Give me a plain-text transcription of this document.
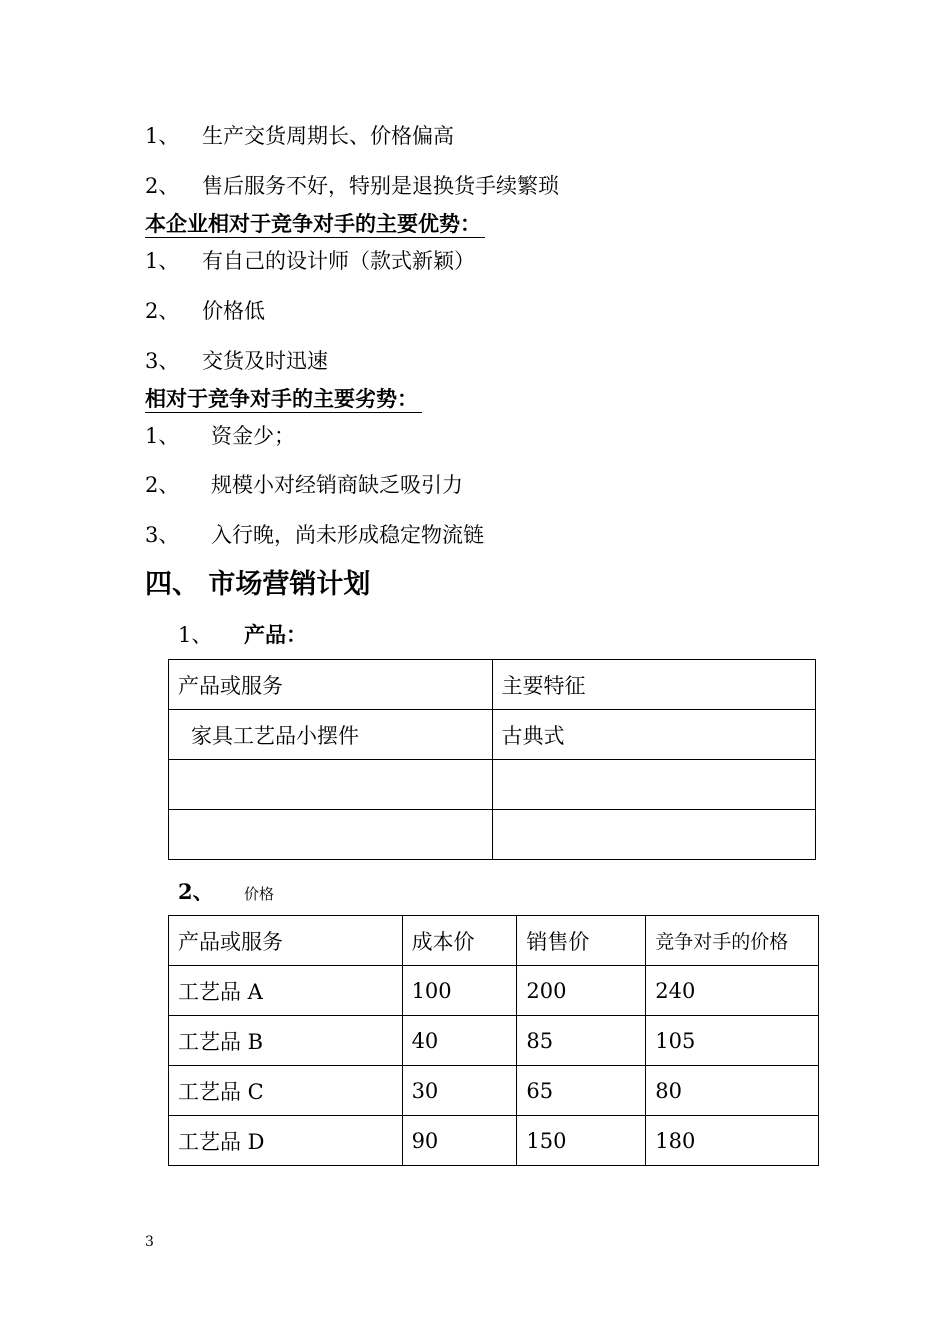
1、 生产交货周期长、价格偏高
2、 售后服务不好，特别是退换货手续繁琐
本企业相对于竞争对手的主要优势：
1、 有自己的设计师（款式新颖）
2、 价格低
3、 交货及时迅速
相对于竞争对手的主要劣势：
1、 资金少；
2、 规模小对经销商缺乏吸引力
3、 入行晚，尚未形成稳定物流链
四、 市场营销计划
1、 产品：
产品或服务	主要特征
家具工艺品小摆件	古典式

2、 价格
产品或服务	成本价	销售价	竞争对手的价格
工艺品 A	100	200	240
工艺品 B	40	85	105
工艺品 C	30	65	80
工艺品 D	90	150	180
3
